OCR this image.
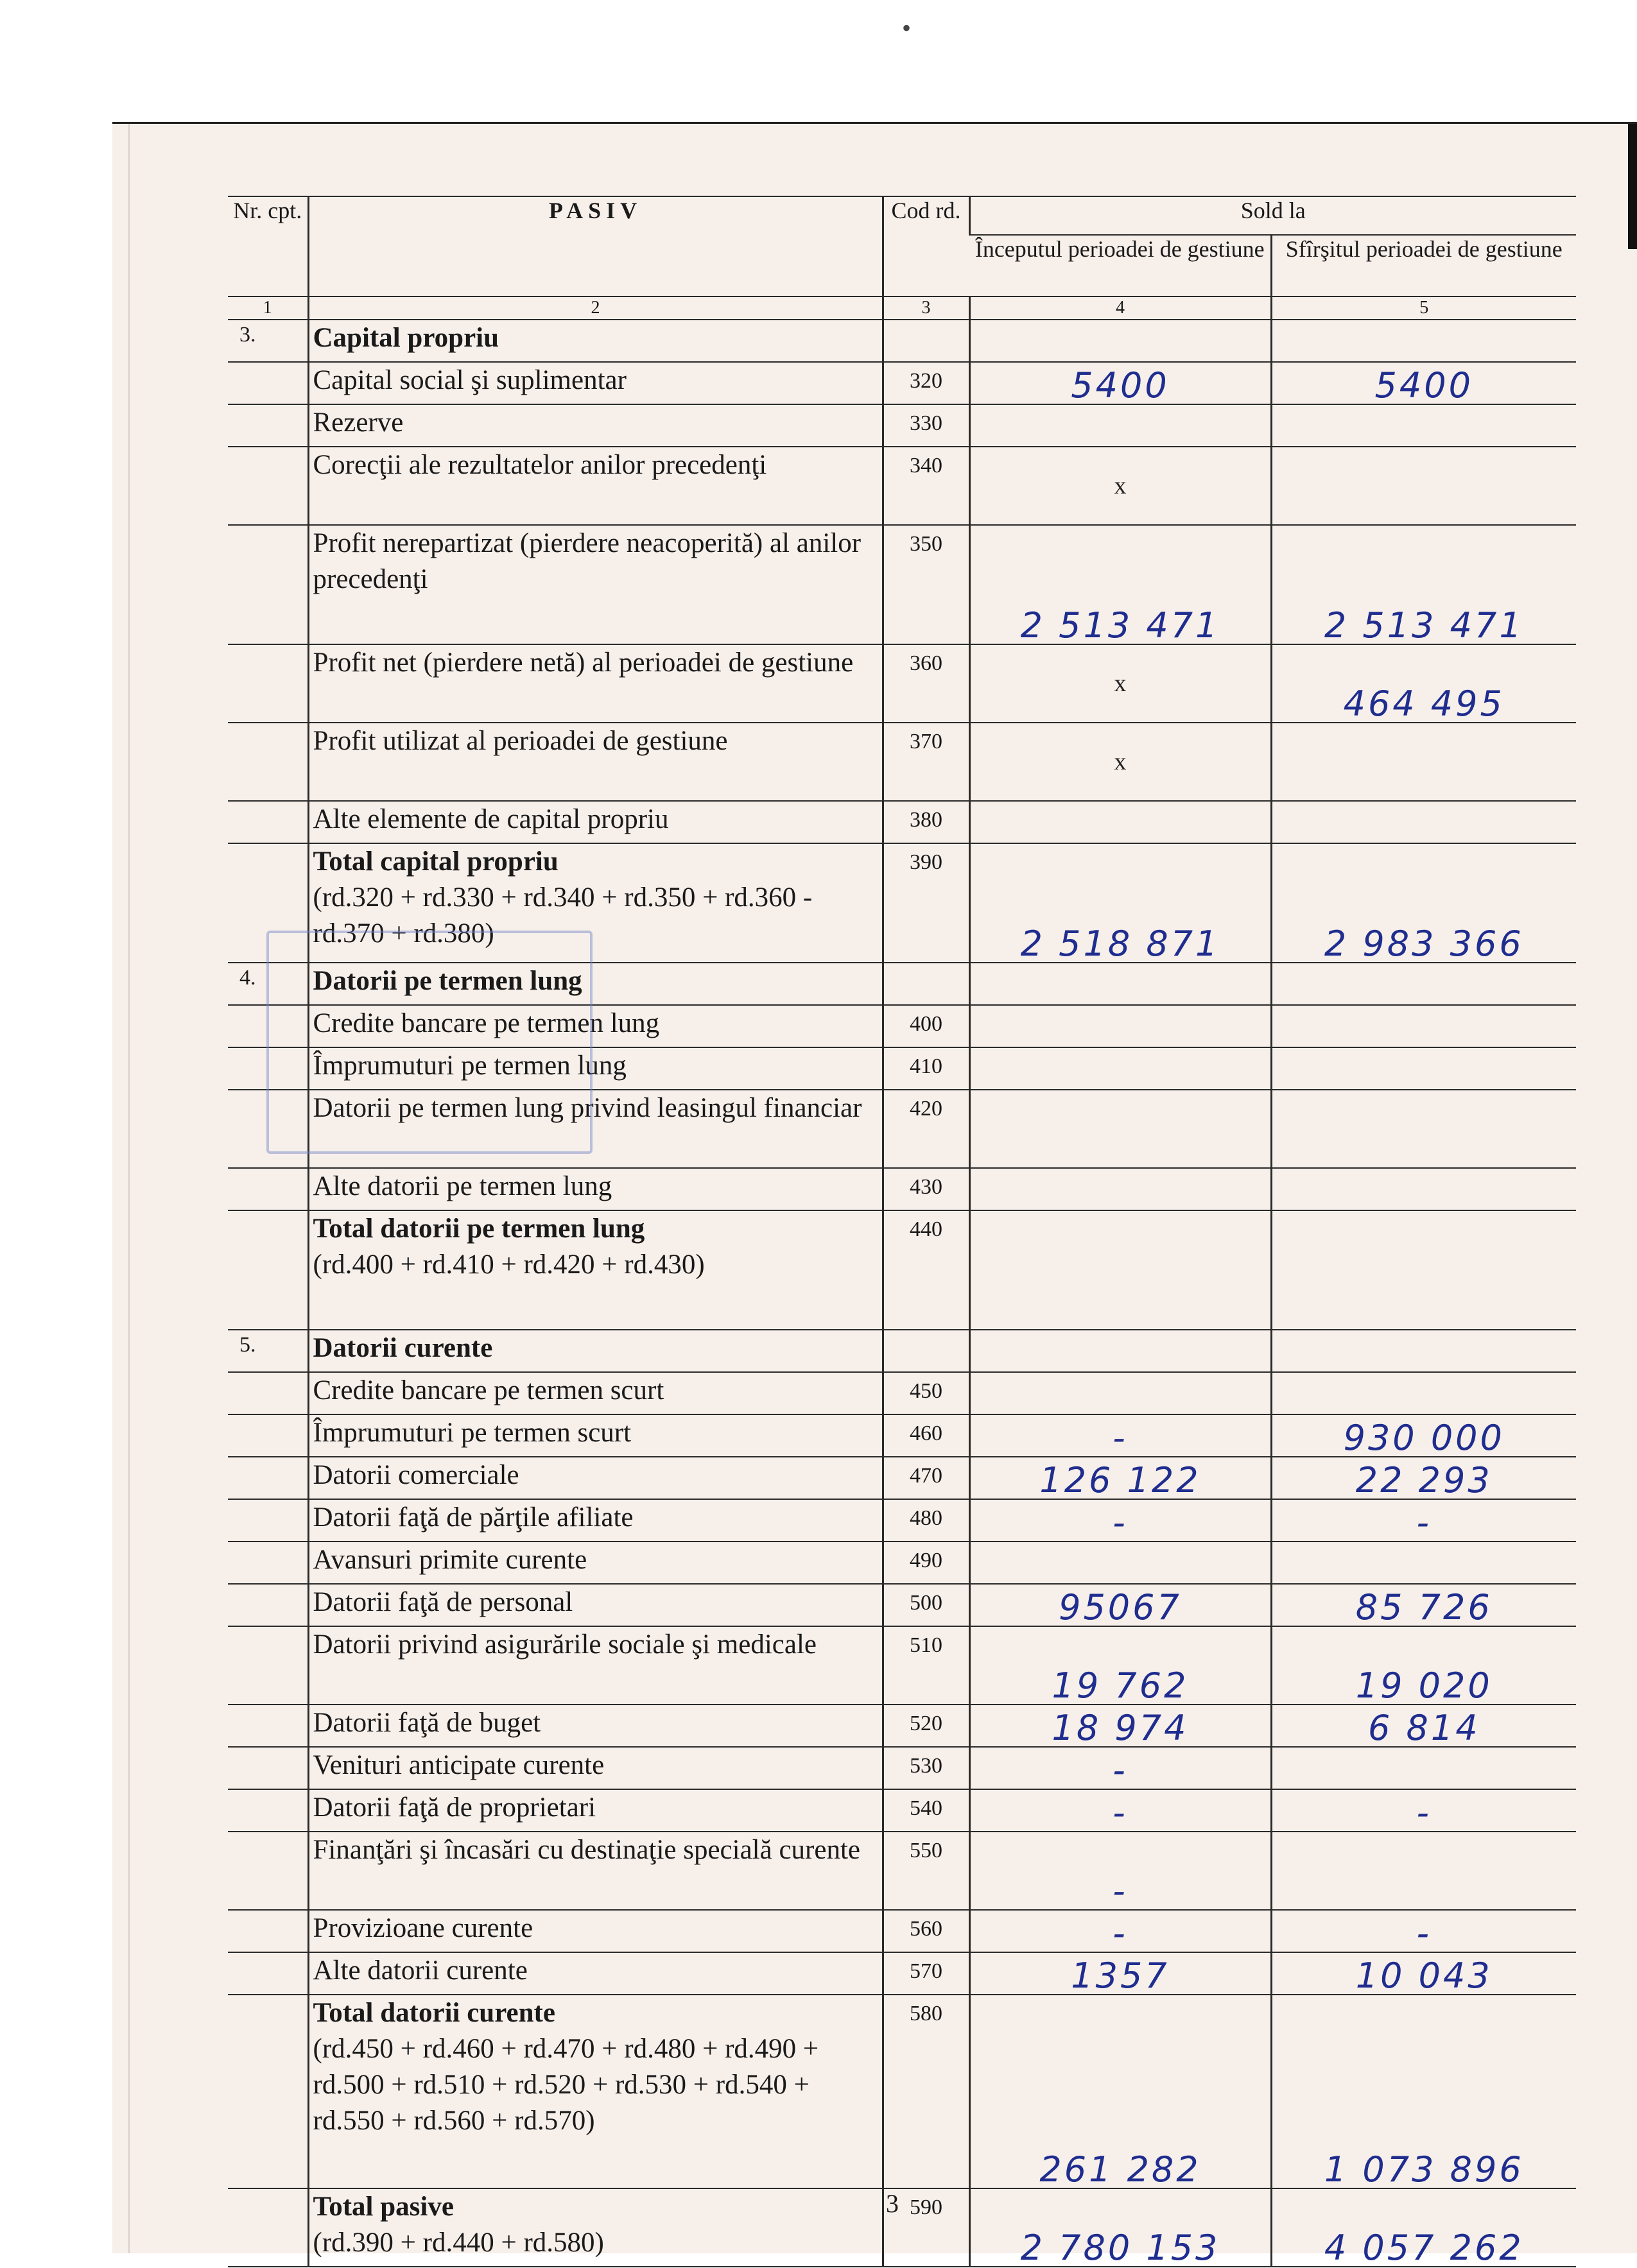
•
Nr. cpt.	PASIV	Cod rd.	Sold la	
			Începutul perioadei de gestiune	Sfîrşitul perioadei de gestiune
1	2	3	4	5
3.	Capital propriu			
	Capital social şi suplimentar	320	5400	5400
	Rezerve	330		
	Corecţii ale rezultatelor anilor precedenţi	340	x	
	Profit nerepartizat (pierdere neacoperită) al anilor precedenţi	350	2 513 471	2 513 471
	Profit net (pierdere netă) al perioadei de gestiune	360	x	464 495
	Profit utilizat al perioadei de gestiune	370	x	
	Alte elemente de capital propriu	380		

	Total capital propriu
(rd.320 + rd.330 + rd.340 + rd.350 + rd.360 - rd.370 + rd.380)	390	2 518 871	2 983 366
4.	Datorii pe termen lung			
	Credite bancare pe termen lung	400		
	Împrumuturi pe termen lung	410		
	Datorii pe termen lung privind leasingul financiar	420		
	Alte datorii pe termen lung	430		

	Total datorii pe termen lung
(rd.400 + rd.410 + rd.420 + rd.430)	440		
5.	Datorii curente			
	Credite bancare pe termen scurt	450		
	Împrumuturi pe termen scurt	460	-	930 000
	Datorii comerciale	470	126 122	22 293
	Datorii faţă de părţile afiliate	480	-	-
	Avansuri primite curente	490		
	Datorii faţă de personal	500	95067	85 726
	Datorii privind asigurările sociale şi medicale	510	19 762	19 020
	Datorii faţă de buget	520	18 974	6 814
	Venituri anticipate curente	530	-	
	Datorii faţă de proprietari	540	-	-
	Finanţări şi încasări cu destinaţie specială curente	550	-	
	Provizioane curente	560	-	-
	Alte datorii curente	570	1357	10 043

	Total datorii curente
(rd.450 + rd.460 + rd.470 + rd.480 + rd.490 + rd.500 + rd.510 + rd.520 + rd.530 + rd.540 + rd.550 + rd.560 + rd.570)	580	261 282	1 073 896

	Total pasive
(rd.390 + rd.440 + rd.580)	590	2 780 153	4 057 262
3
